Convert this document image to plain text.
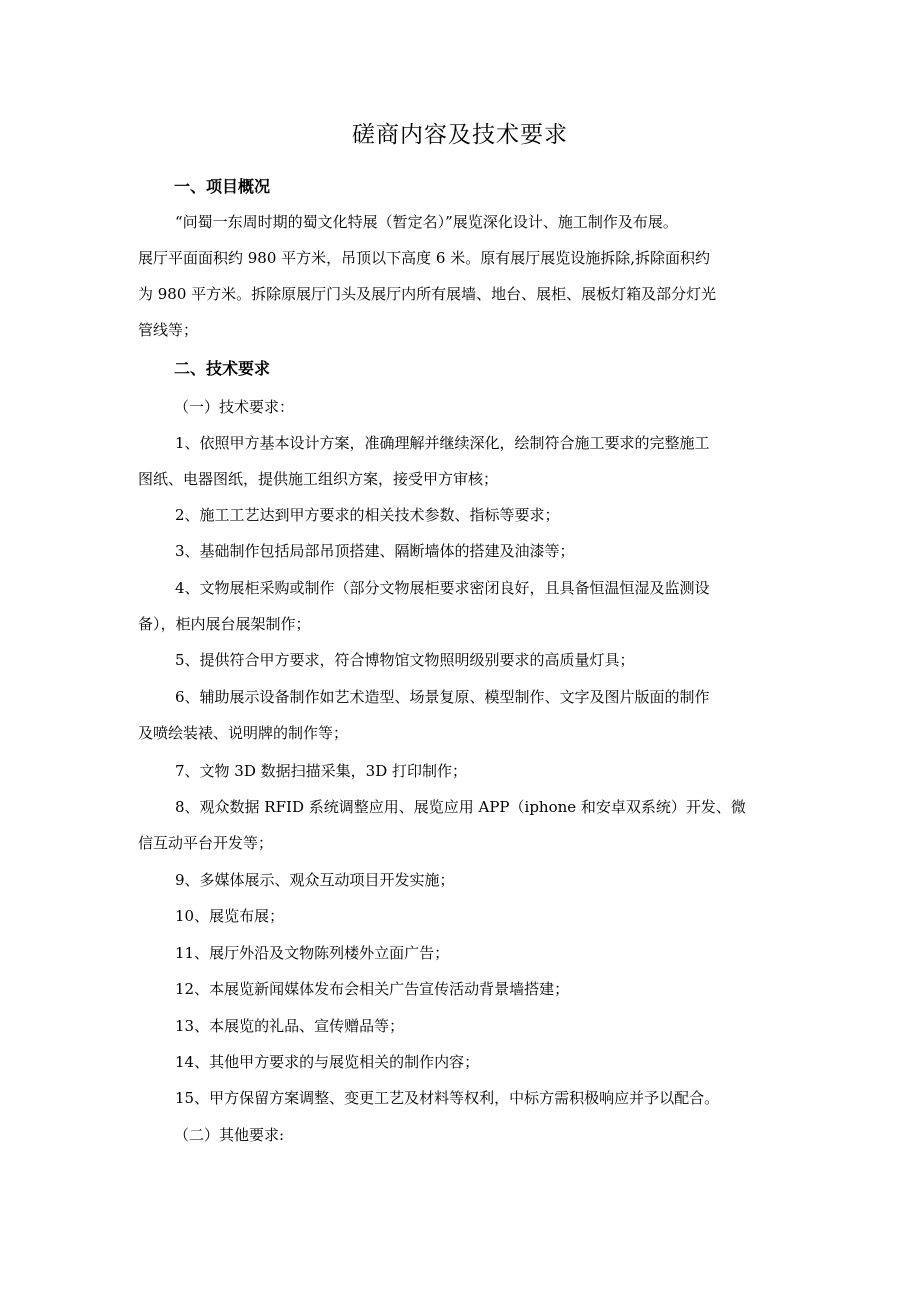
磋商内容及技术要求
一、项目概况
“问蜀一东周时期的蜀文化特展（暂定名）”展览深化设计、施工制作及布展。
展厅平面面积约 980 平方米，吊顶以下高度 6 米。原有展厅展览设施拆除,拆除面积约
为 980 平方米。拆除原展厅门头及展厅内所有展墙、地台、展柜、展板灯箱及部分灯光
管线等；
二、技术要求
（一）技术要求：
1、依照甲方基本设计方案，准确理解并继续深化，绘制符合施工要求的完整施工
图纸、电器图纸，提供施工组织方案，接受甲方审核；
2、施工工艺达到甲方要求的相关技术参数、指标等要求；
3、基础制作包括局部吊顶搭建、隔断墙体的搭建及油漆等；
4、文物展柜采购或制作（部分文物展柜要求密闭良好，且具备恒温恒湿及监测设
备），柜内展台展架制作；
5、提供符合甲方要求，符合博物馆文物照明级别要求的高质量灯具；
6、辅助展示设备制作如艺术造型、场景复原、模型制作、文字及图片版面的制作
及喷绘装裱、说明牌的制作等；
7、文物 3D 数据扫描采集，3D 打印制作；
8、观众数据 RFID 系统调整应用、展览应用 APP（iphone 和安卓双系统）开发、微
信互动平台开发等；
9、多媒体展示、观众互动项目开发实施；
10、展览布展；
11、展厅外沿及文物陈列楼外立面广告；
12、本展览新闻媒体发布会相关广告宣传活动背景墙搭建；
13、本展览的礼品、宣传赠品等；
14、其他甲方要求的与展览相关的制作内容；
15、甲方保留方案调整、变更工艺及材料等权利，中标方需积极响应并予以配合。
（二）其他要求:
